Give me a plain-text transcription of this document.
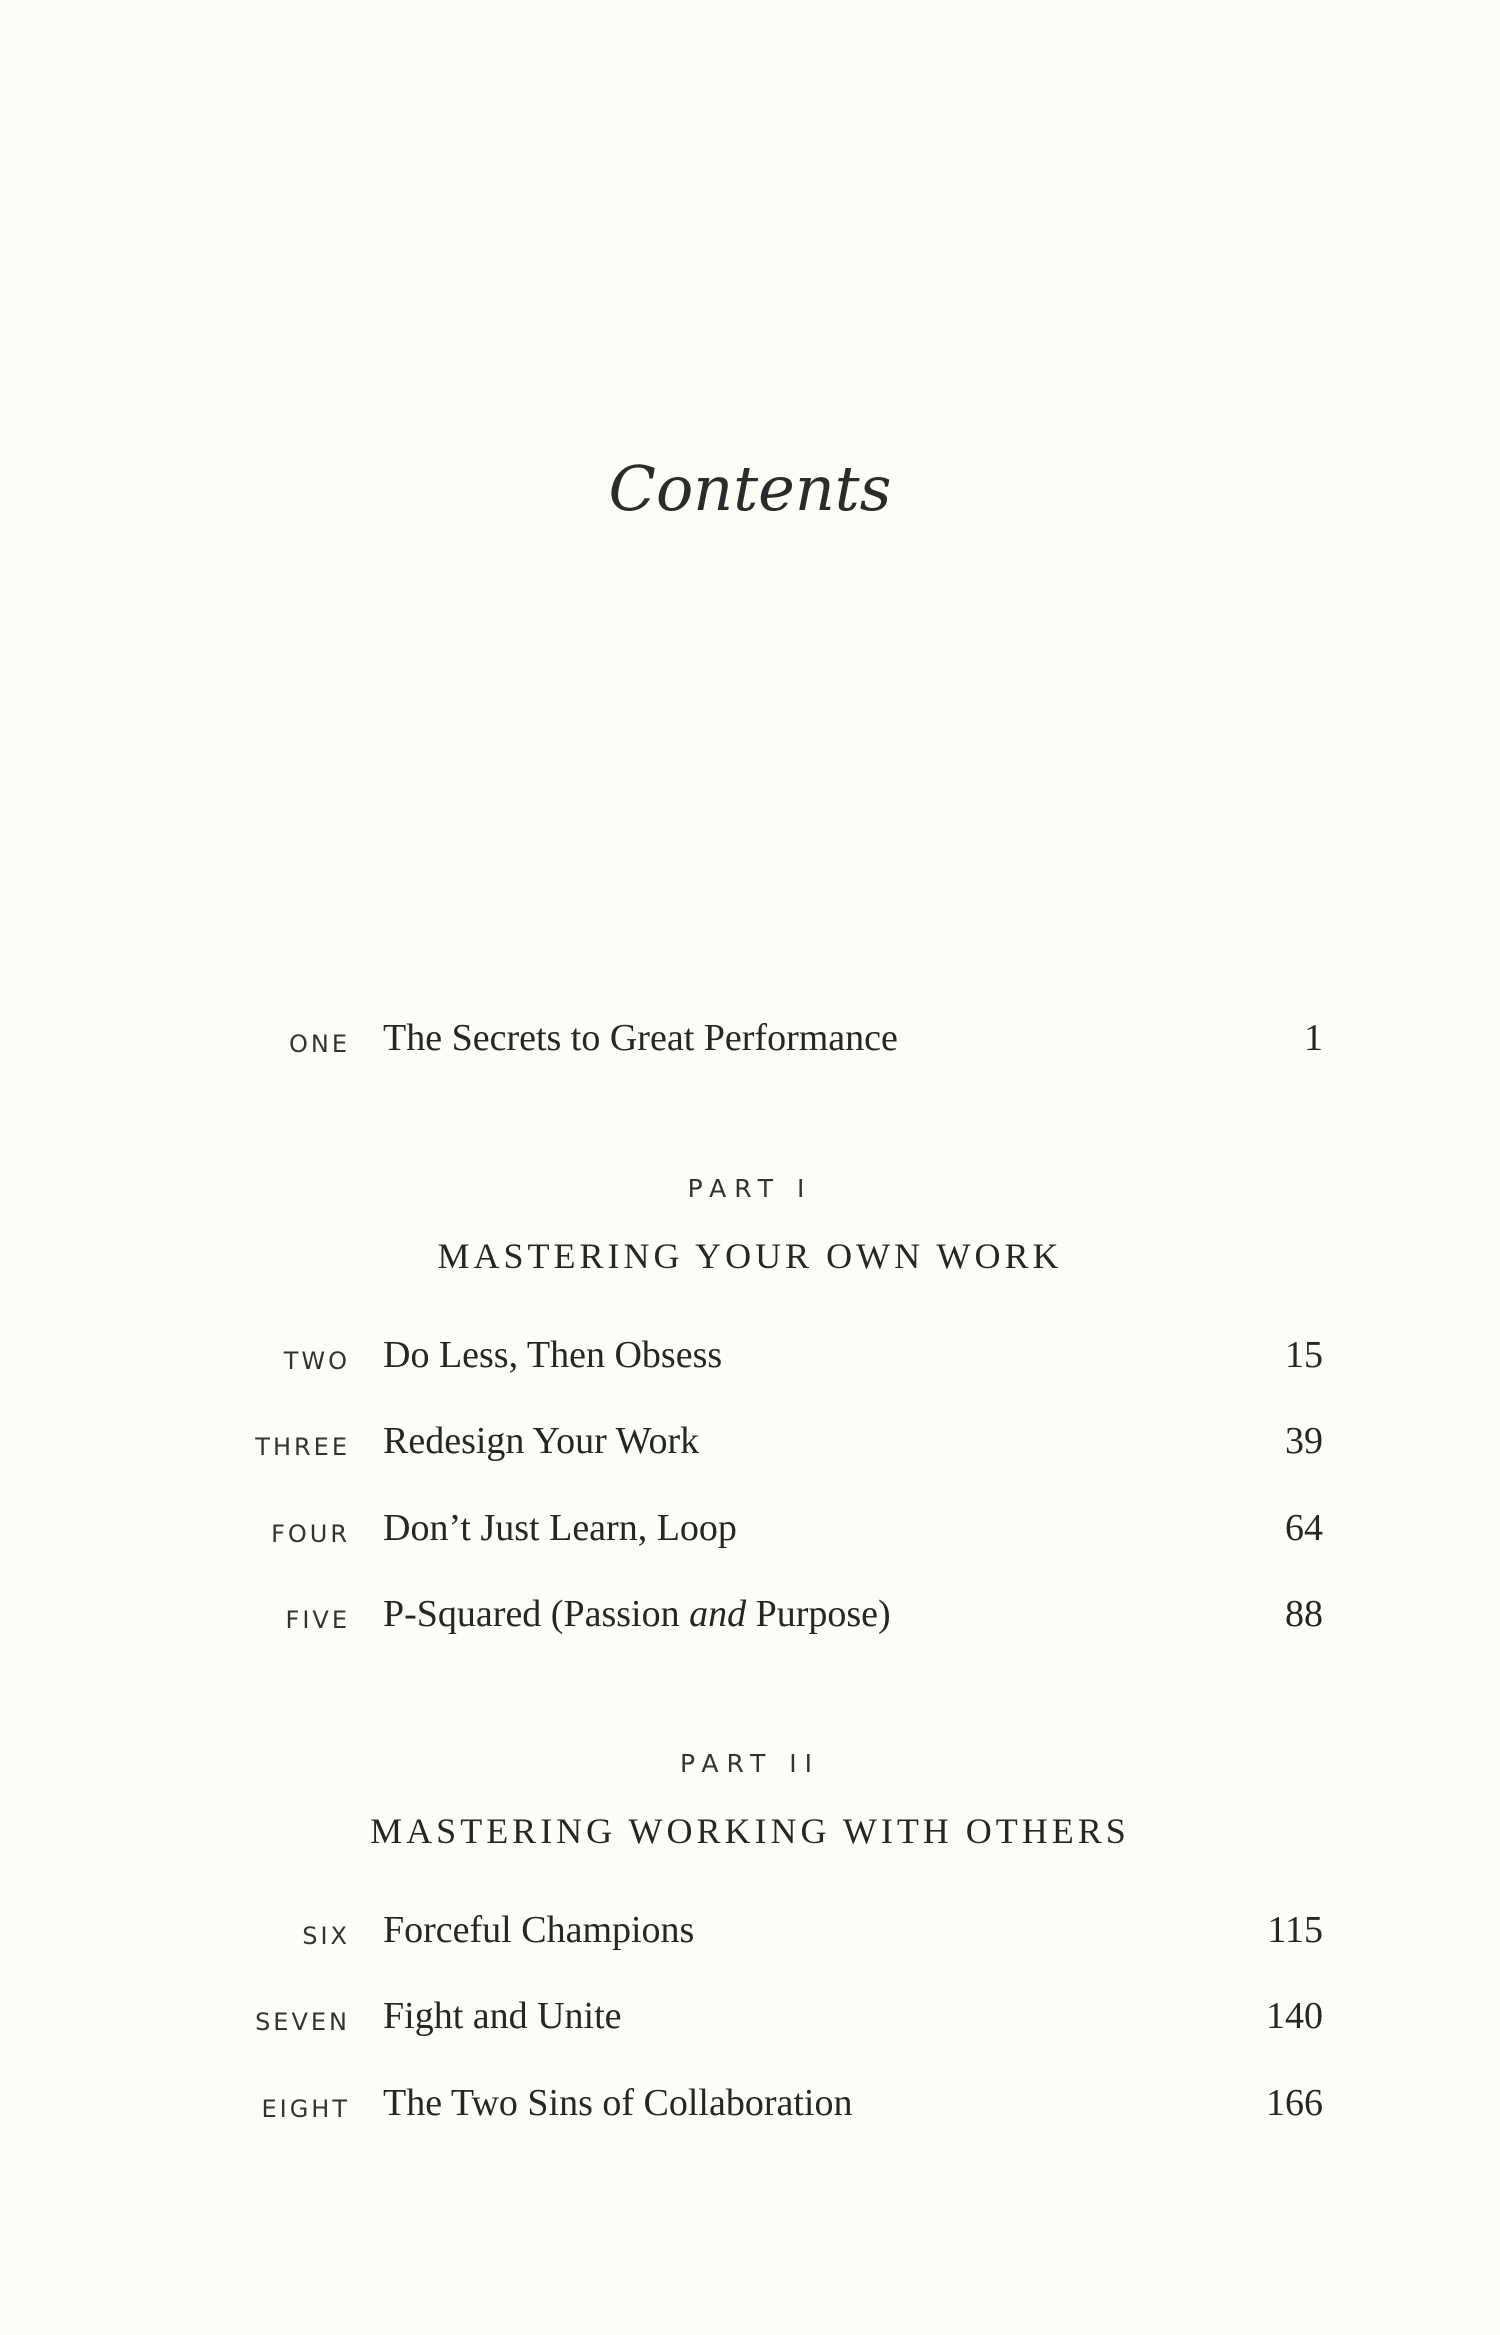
Contents
ONE The Secrets to Great Performance	1
PART I
MASTERING YOUR OWN WORK
TWO Do Less, Then Obsess	15
THREE Redesign Your Work	39
FOUR Don’t Just Learn, Loop	64
FIVE P-Squared (Passion and Purpose)	88
PART II
MASTERING WORKING WITH OTHERS
SIX Forceful Champions	115
SEVEN Fight and Unite	140
EIGHT The Two Sins of Collaboration	166
